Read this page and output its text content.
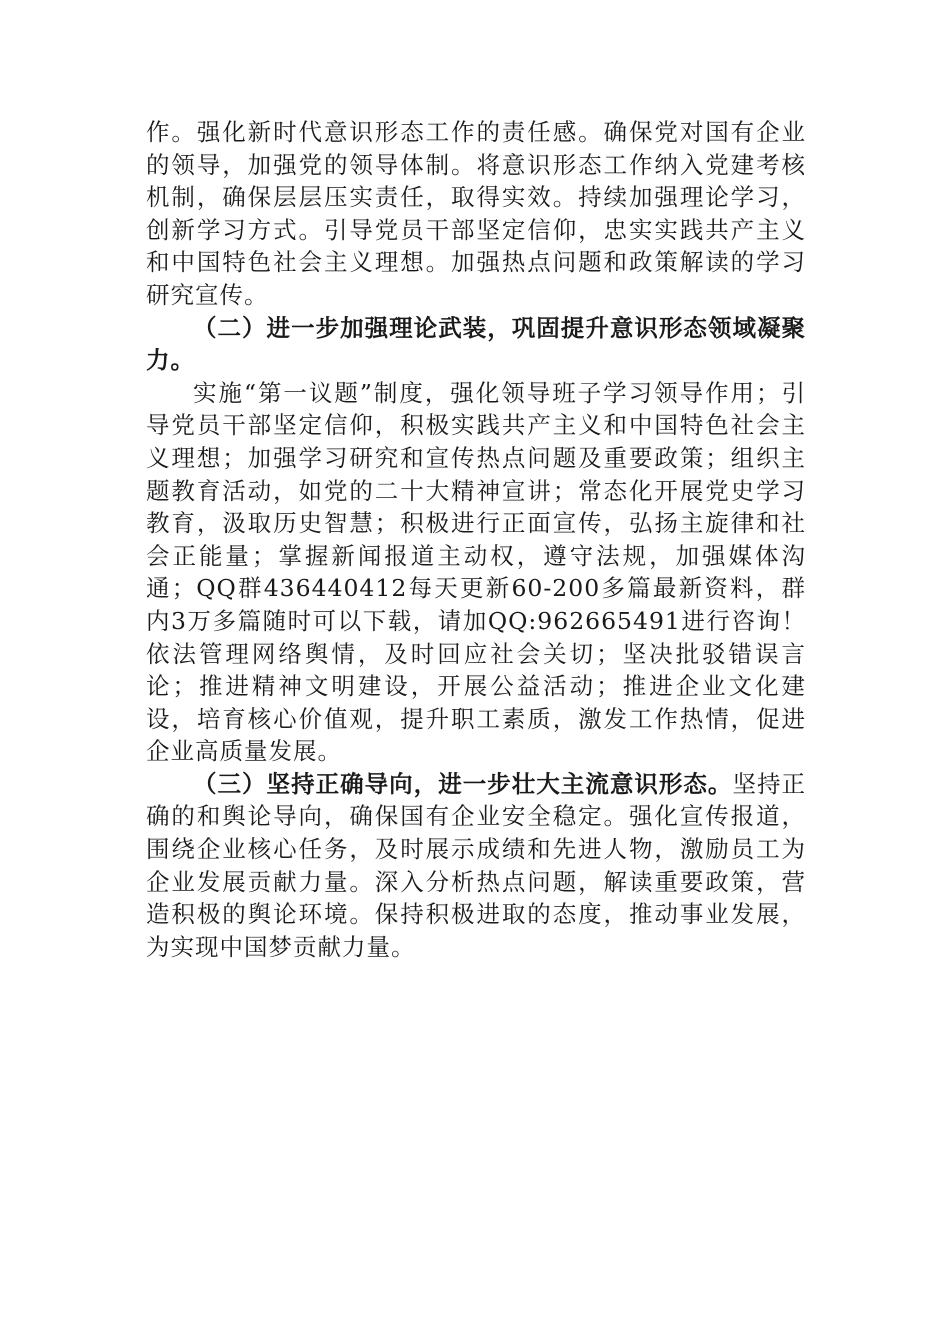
作。强化新时代意识形态工作的责任感。确保党对国有企业的领导，加强党的领导体制。将意识形态工作纳入党建考核机制，确保层层压实责任，取得实效。持续加强理论学习，创新学习方式。引导党员干部坚定信仰，忠实实践共产主义和中国特色社会主义理想。加强热点问题和政策解读的学习研究宣传。

（二）进一步加强理论武装，巩固提升意识形态领域凝聚力。

实施“第一议题”制度，强化领导班子学习领导作用；引导党员干部坚定信仰，积极实践共产主义和中国特色社会主义理想；加强学习研究和宣传热点问题及重要政策；组织主题教育活动，如党的二十大精神宣讲；常态化开展党史学习教育，汲取历史智慧；积极进行正面宣传，弘扬主旋律和社会正能量；掌握新闻报道主动权，遵守法规，加强媒体沟通；QQ群436440412每天更新60-200多篇最新资料，群内3万多篇随时可以下载，请加QQ:962665491进行咨询！依法管理网络舆情，及时回应社会关切；坚决批驳错误言论；推进精神文明建设，开展公益活动；推进企业文化建设，培育核心价值观，提升职工素质，激发工作热情，促进企业高质量发展。

（三）坚持正确导向，进一步壮大主流意识形态。坚持正确的和舆论导向，确保国有企业安全稳定。强化宣传报道，围绕企业核心任务，及时展示成绩和先进人物，激励员工为企业发展贡献力量。深入分析热点问题，解读重要政策，营造积极的舆论环境。保持积极进取的态度，推动事业发展，为实现中国梦贡献力量。
